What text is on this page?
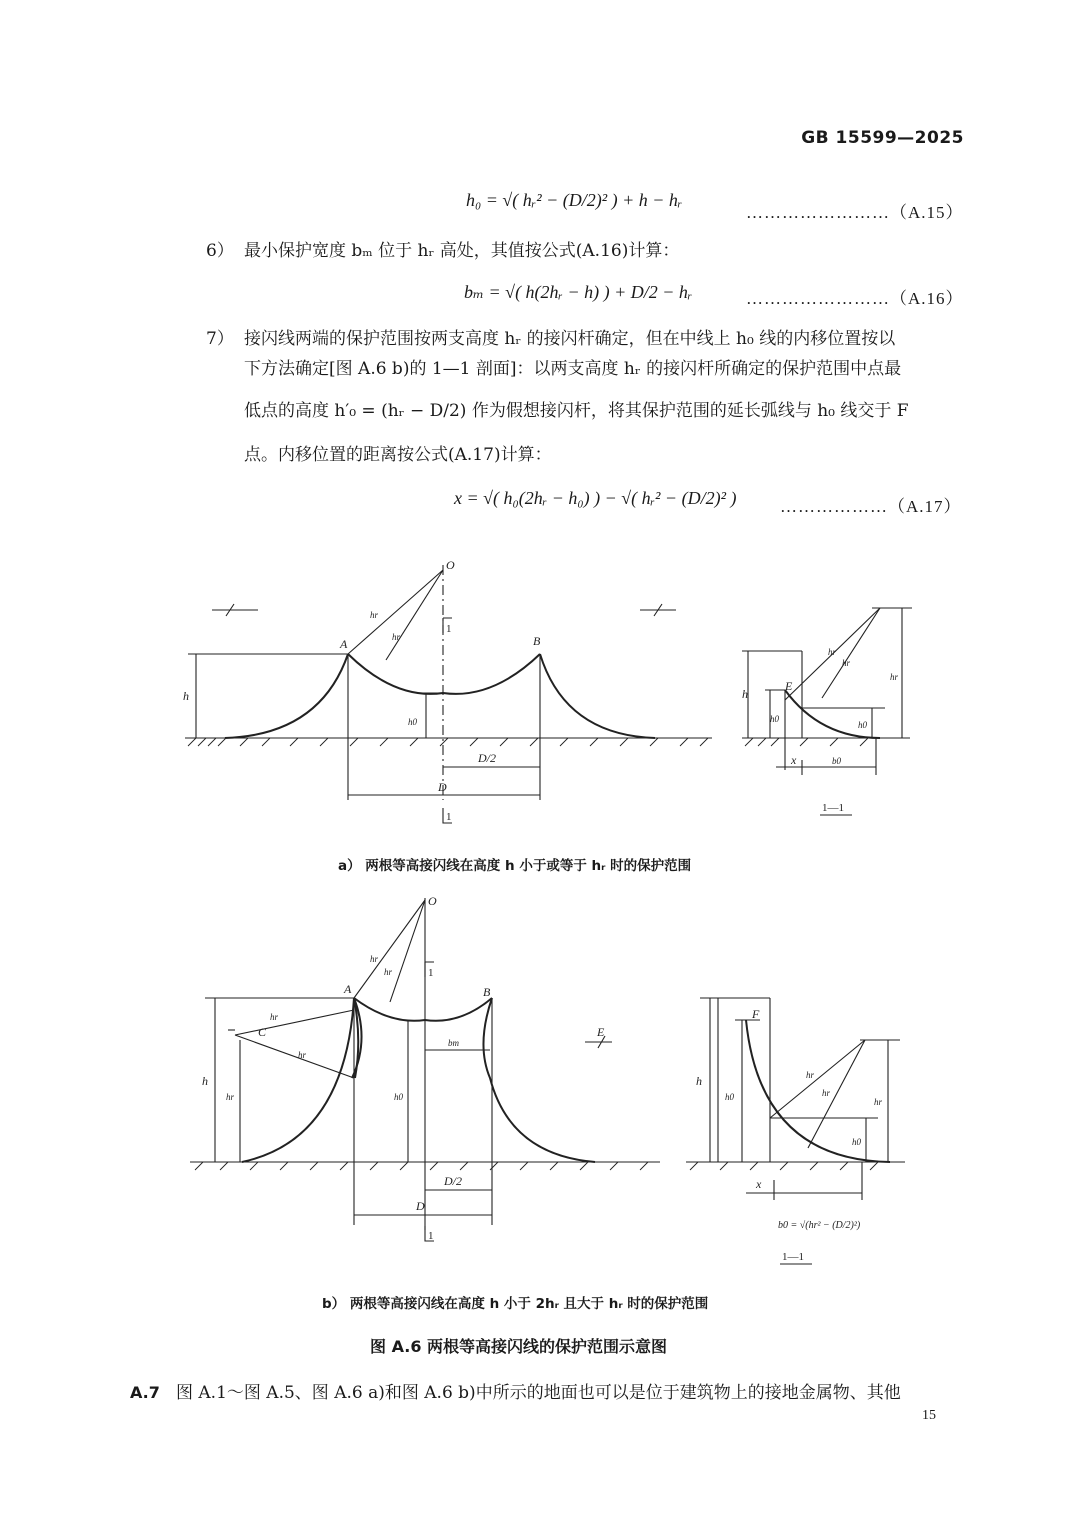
GB 15599—2025
h₀ = √( hᵣ² − (D/2)² ) + h − hᵣ
……………………（A.15）
6） 最小保护宽度 bₘ 位于 hᵣ 高处，其值按公式(A.16)计算：
bₘ = √( h(2hᵣ − h) ) + D/2 − hᵣ	……………………（A.16）
7） 接闪线两端的保护范围按两支高度 hᵣ 的接闪杆确定，但在中线上 h₀ 线的内移位置按以
下方法确定[图 A.6 b)的 1—1 剖面]：以两支高度 hᵣ 的接闪杆所确定的保护范围中点最
低点的高度 h′₀ = (hᵣ − D/2) 作为假想接闪杆，将其保护范围的延长弧线与 h₀ 线交于 F
点。内移位置的距离按公式(A.17)计算：
x = √( h₀(2hᵣ − h₀) ) − √( hᵣ² − (D/2)² )	………………（A.17）
O
A	B
h
hr
hr
h0
D/2
D
1
1
h
E
h0
hr
hr
h0
hr
x	b0
1—1
a） 两根等高接闪线在高度 h 小于或等于 hᵣ 时的保护范围
O
A	B
C
h
hr
hr
hr
hr
hr
h0
bm
D/2
D
1
1
E
h
h0
F
hr
hr
h0
hr
x
b0 = √(hr² − (D/2)²)
1—1
b） 两根等高接闪线在高度 h 小于 2hᵣ 且大于 hᵣ 时的保护范围
图 A.6 两根等高接闪线的保护范围示意图
A.7 图 A.1～图 A.5、图 A.6 a)和图 A.6 b)中所示的地面也可以是位于建筑物上的接地金属物、其他
15
